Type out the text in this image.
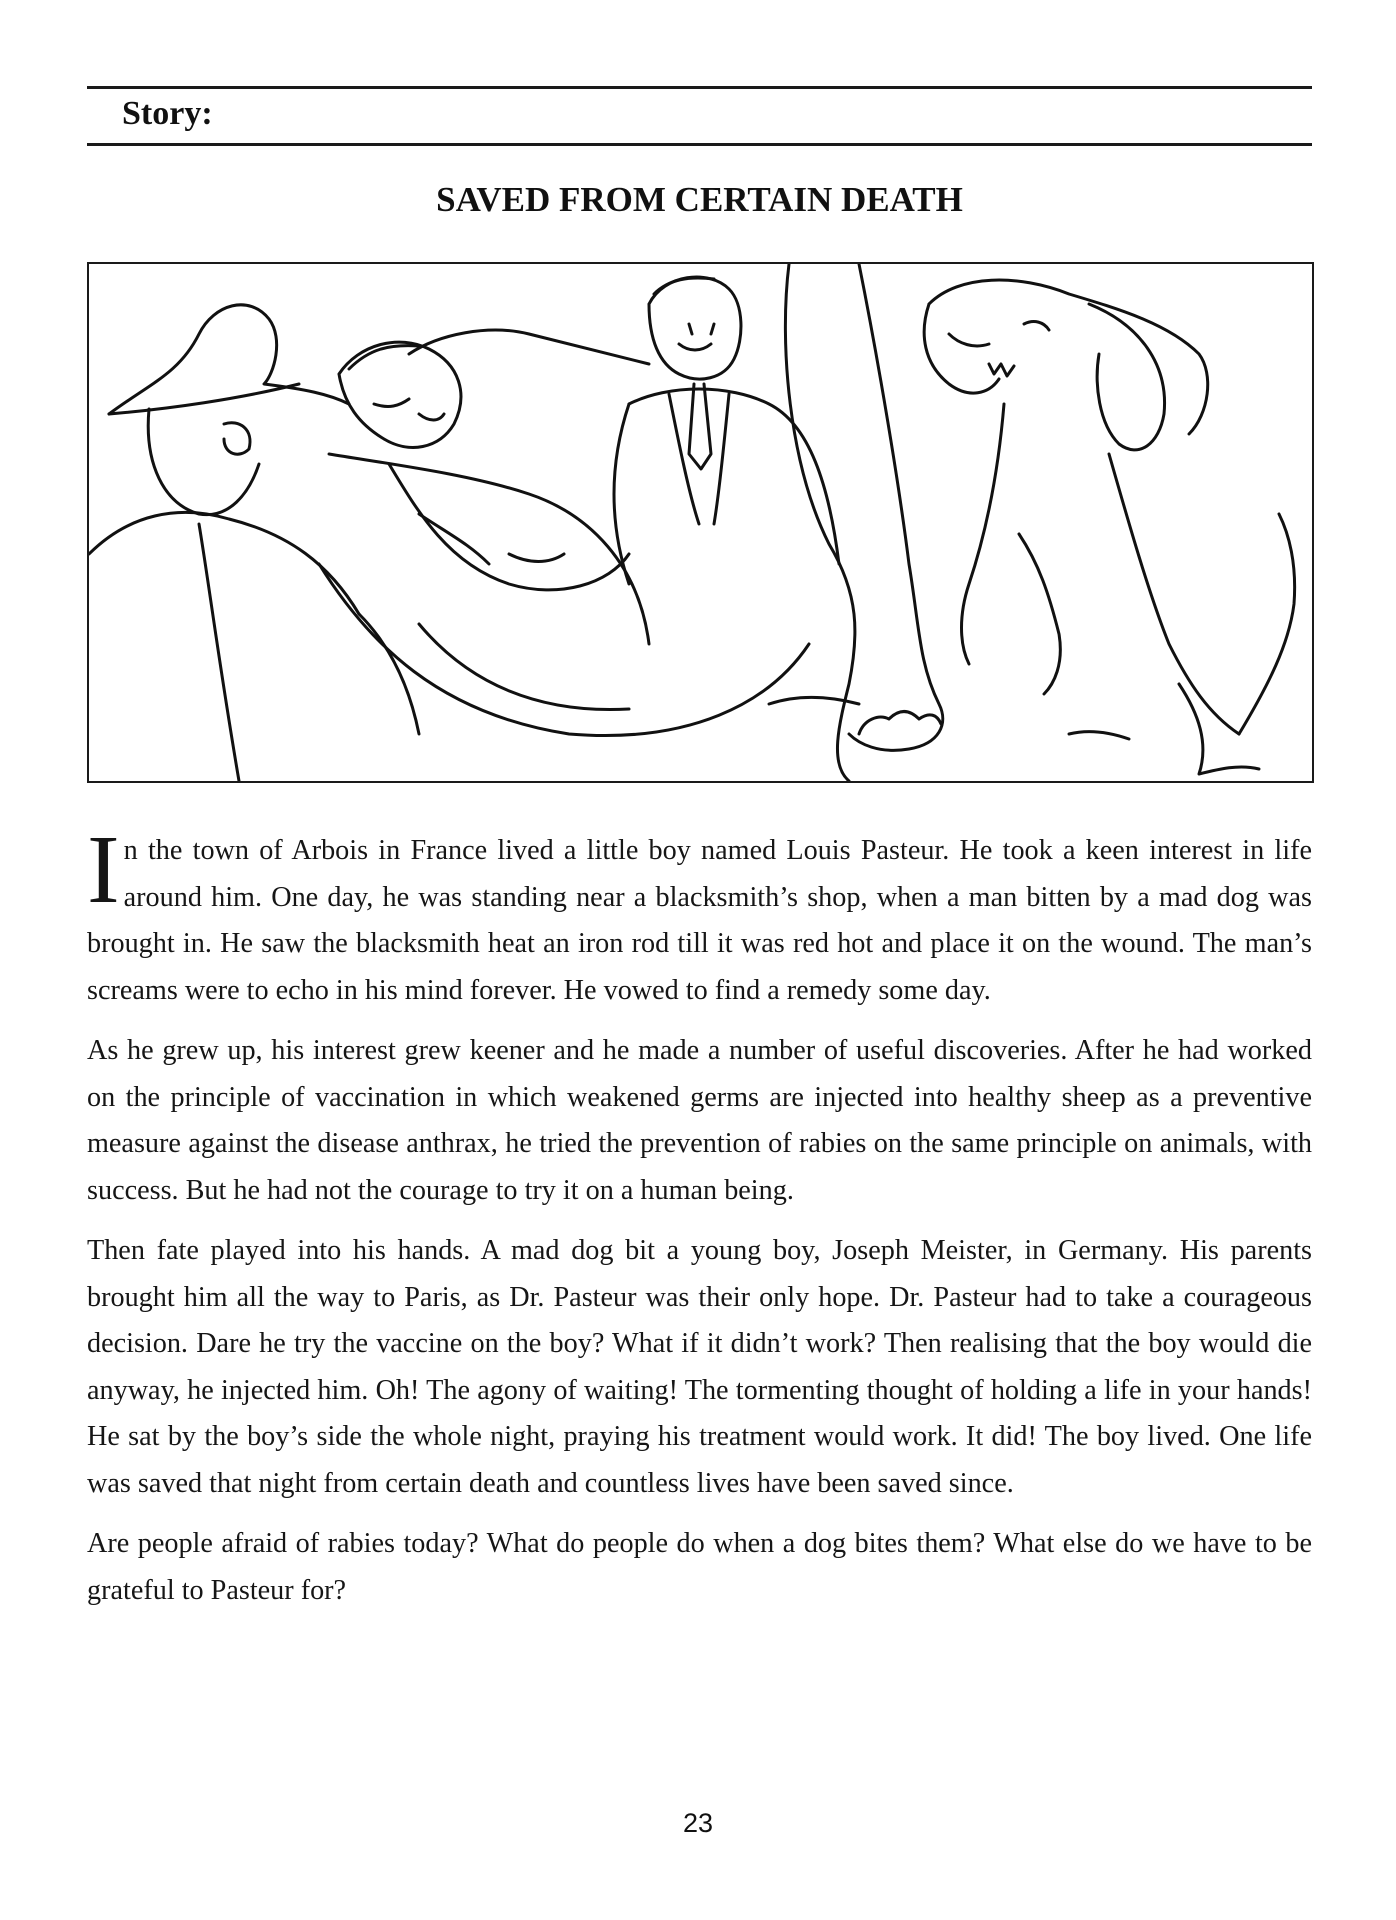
Story:
SAVED FROM CERTAIN DEATH

In the town of Arbois in France lived a little boy named Louis Pasteur. He took a keen interest in life around him. One day, he was standing near a blacksmith’s shop, when a man bitten by a mad dog was brought in. He saw the blacksmith heat an iron rod till it was red hot and place it on the wound. The man’s screams were to echo in his mind forever. He vowed to find a remedy some day.

As he grew up, his interest grew keener and he made a number of useful discoveries. After he had worked on the principle of vaccination in which weakened germs are injected into healthy sheep as a preventive measure against the disease anthrax, he tried the prevention of rabies on the same principle on animals, with success. But he had not the courage to try it on a human being.

Then fate played into his hands. A mad dog bit a young boy, Joseph Meister, in Germany. His parents brought him all the way to Paris, as Dr. Pasteur was their only hope. Dr. Pasteur had to take a courageous decision. Dare he try the vaccine on the boy? What if it didn’t work? Then realising that the boy would die anyway, he injected him. Oh! The agony of waiting! The tormenting thought of holding a life in your hands! He sat by the boy’s side the whole night, praying his treatment would work. It did! The boy lived. One life was saved that night from certain death and countless lives have been saved since.

Are people afraid of rabies today? What do people do when a dog bites them? What else do we have to be grateful to Pasteur for?

23
